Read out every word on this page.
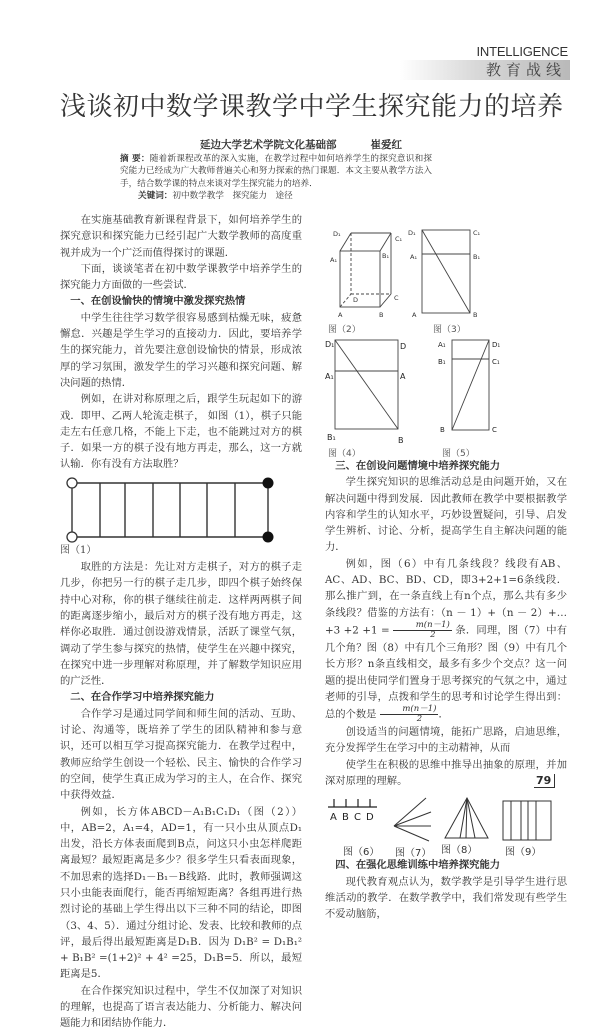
INTELLIGENCE
教育战线
浅谈初中数学课教学中学生探究能力的培养
延边大学艺术学院文化基础部	崔爱红
摘 要：随着新课程改革的深入实施，在教学过程中如何培养学生的探究意识和探究能力已经成为广大教师普遍关心和努力探索的热门课题．本文主要从教学方法入手，结合数学课的特点来谈对学生探究能力的培养．
关键词：初中数学教学　探究能力　途径

在实施基础教育新课程背景下，如何培养学生的探究意识和探究能力已经引起广大数学教师的高度重视并成为一个广泛而值得探讨的课题．

下面，谈谈笔者在初中数学课教学中培养学生的探究能力方面做的一些尝试．

一、在创设愉快的情境中激发探究热情

中学生往往学习数学很容易感到枯燥无味，疲惫懈怠．兴趣是学生学习的直接动力．因此，要培养学生的探究能力，首先要注意创设愉快的情景，形成浓厚的学习氛围，激发学生的学习兴趣和探究问题、解决问题的热情．

例如，在讲对称原理之后，跟学生玩起如下的游戏．即甲、乙两人轮流走棋子， 如图（1），棋子只能走左右任意几格，不能上下走，也不能跳过对方的棋子．如果一方的棋子没有地方再走，那么，这一方就认输．你有没有方法取胜？

图（1）

取胜的方法是：先让对方走棋子，对方的棋子走几步，你把另一行的棋子走几步，即四个棋子始终保持中心对称，你的棋子继续往前走．这样两两棋子间的距离逐步缩小，最后对方的棋子没有地方再走，这样你必取胜．通过创设游戏情景，活跃了课堂气氛，调动了学生参与探究的热情，使学生在兴趣中探究，在探究中进一步理解对称原理，并了解数学知识应用的广泛性．

二、在合作学习中培养探究能力

合作学习是通过同学间和师生间的活动、互助、讨论、沟通等，既培养了学生的团队精神和参与意识，还可以相互学习提高探究能力．在教学过程中，教师应给学生创设一个轻松、民主、愉快的合作学习的空间，使学生真正成为学习的主人，在合作、探究中获得效益．

例如，长方体ABCD－A₁B₁C₁D₁（图（2））中，AB=2，A₁=4，AD=1，有一只小虫从顶点D₁出发，沿长方体表面爬到B点，问这只小虫怎样爬距离最短？最短距离是多少？很多学生只看表面现象，不加思索的选择D₁－B₁－B线路．此时，教师强调这只小虫能表面爬行，能否再缩短距离？各组再进行热烈讨论的基础上学生得出以下三种不同的结论，即图（3、4、5）．通过分组讨论、发表、比较和教师的点评，最后得出最短距离是D₁B．因为 D₁B² = D₁B₁² + B₁B² =(1+2)² + 4² =25，D₁B=5．所以，最短距离是5．

在合作探究知识过程中，学生不仅加深了对知识的理解，也提高了语言表达能力、分析能力、解决问题能力和团结协作能力．

D₁
C₁
A₁	B₁
D	C
A	B
图（2）
D₁	C₁
A₁	B₁
A	B
图（3）
D₁	D
A₁	A
B₁	B
图（4）
A₁	D₁
B₁	C₁
B	C
图（5）
三、在创设问题情境中培养探究能力

学生探究知识的思维活动总是由问题开始，又在解决问题中得到发展．因此教师在教学中要根据教学内容和学生的认知水平，巧妙设置疑问，引导、启发学生辨析、讨论、分析，提高学生自主解决问题的能力．

例如，图（6）中有几条线段？线段有AB、AC、AD、BC、BD、CD，即3+2+1=6条线段．那么推广到，在一条直线上有n个点，那么共有多少条线段？借鉴的方法有：（n － 1）+（n － 2）+…+3 $+2 +1 = \frac{m(n-1)}{2}$ 条．同理，图（7）中有几个角？图（8）中有几个三角形？图（9）中有几个长方形？n条直线相交，最多有多少个交点？这一问题的提出使同学们置身于思考探究的气氛之中，通过老师的引导，点拨和学生的思考和讨论学生得出到：总的个数是 $\frac{m(n-1)}{2}$ ．

创设适当的问题情境，能拓广思路，启迪思维，充分发挥学生在学习中的主动精神，从而

使学生在积极的思维中推导出抽象的原理，并加深对原理的理解。

A B C D
图（6） 图（7） 图（8）	图（9）
四、在强化思维训练中培养探究能力

现代教育观点认为，数学教学是引导学生进行思维活动的教学．在数学教学中，我们常发现有些学生不爱动脑筋，

79
